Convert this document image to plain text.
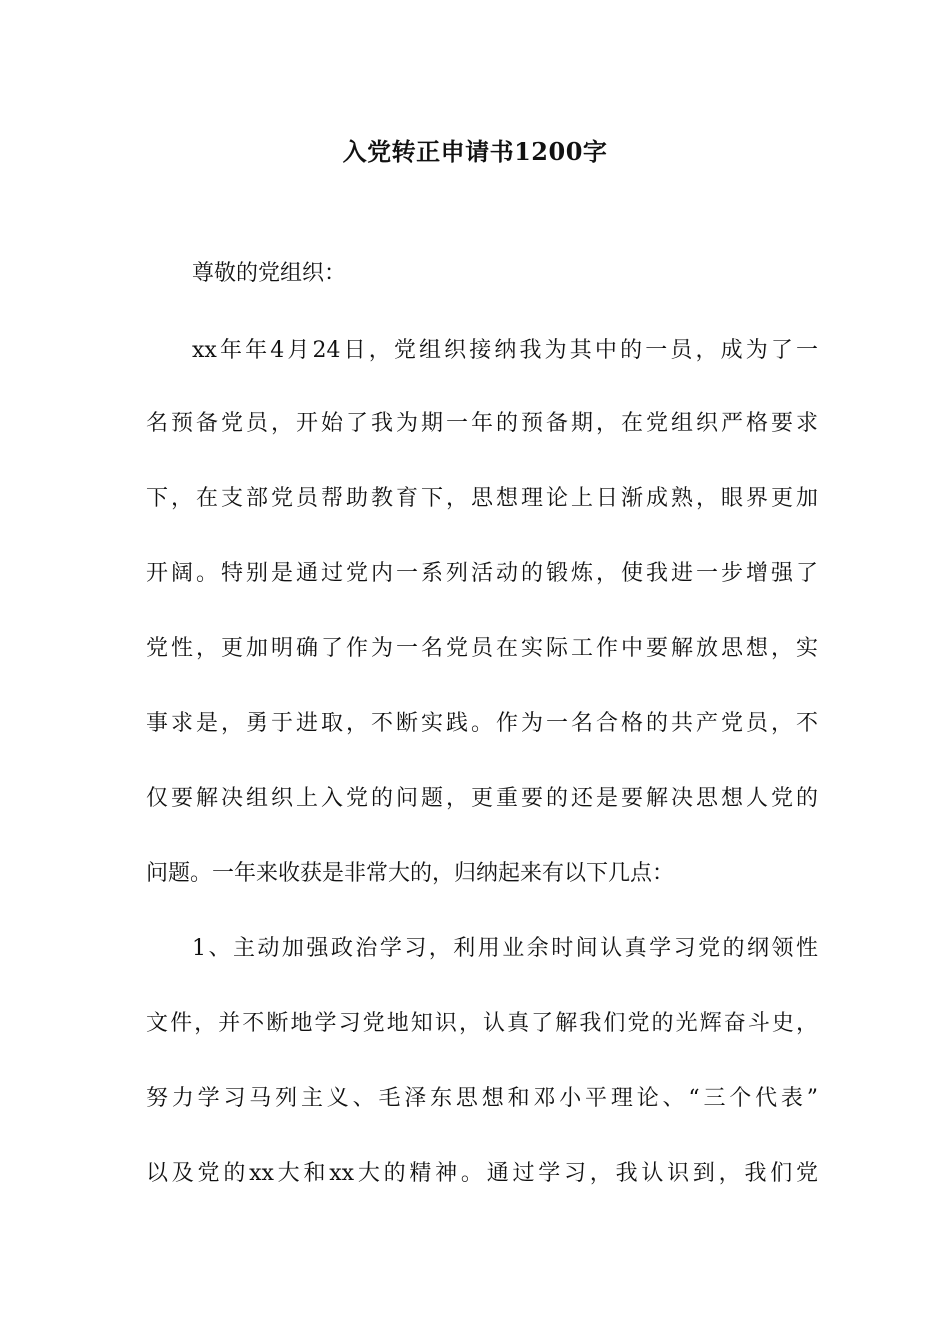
入党转正申请书1200字
尊敬的党组织：
xx年年4月24日，党组织接纳我为其中的一员，成为了一
名预备党员，开始了我为期一年的预备期，在党组织严格要求
下，在支部党员帮助教育下，思想理论上日渐成熟，眼界更加
开阔。特别是通过党内一系列活动的锻炼，使我进一步增强了
党性，更加明确了作为一名党员在实际工作中要解放思想，实
事求是，勇于进取，不断实践。作为一名合格的共产党员，不
仅要解决组织上入党的问题，更重要的还是要解决思想人党的
问题。一年来收获是非常大的，归纳起来有以下几点：
1、主动加强政治学习，利用业余时间认真学习党的纲领性
文件，并不断地学习党地知识，认真了解我们党的光辉奋斗史，
努力学习马列主义、毛泽东思想和邓小平理论、“三个代表”
以及党的xx大和xx大的精神。通过学习，我认识到，我们党
